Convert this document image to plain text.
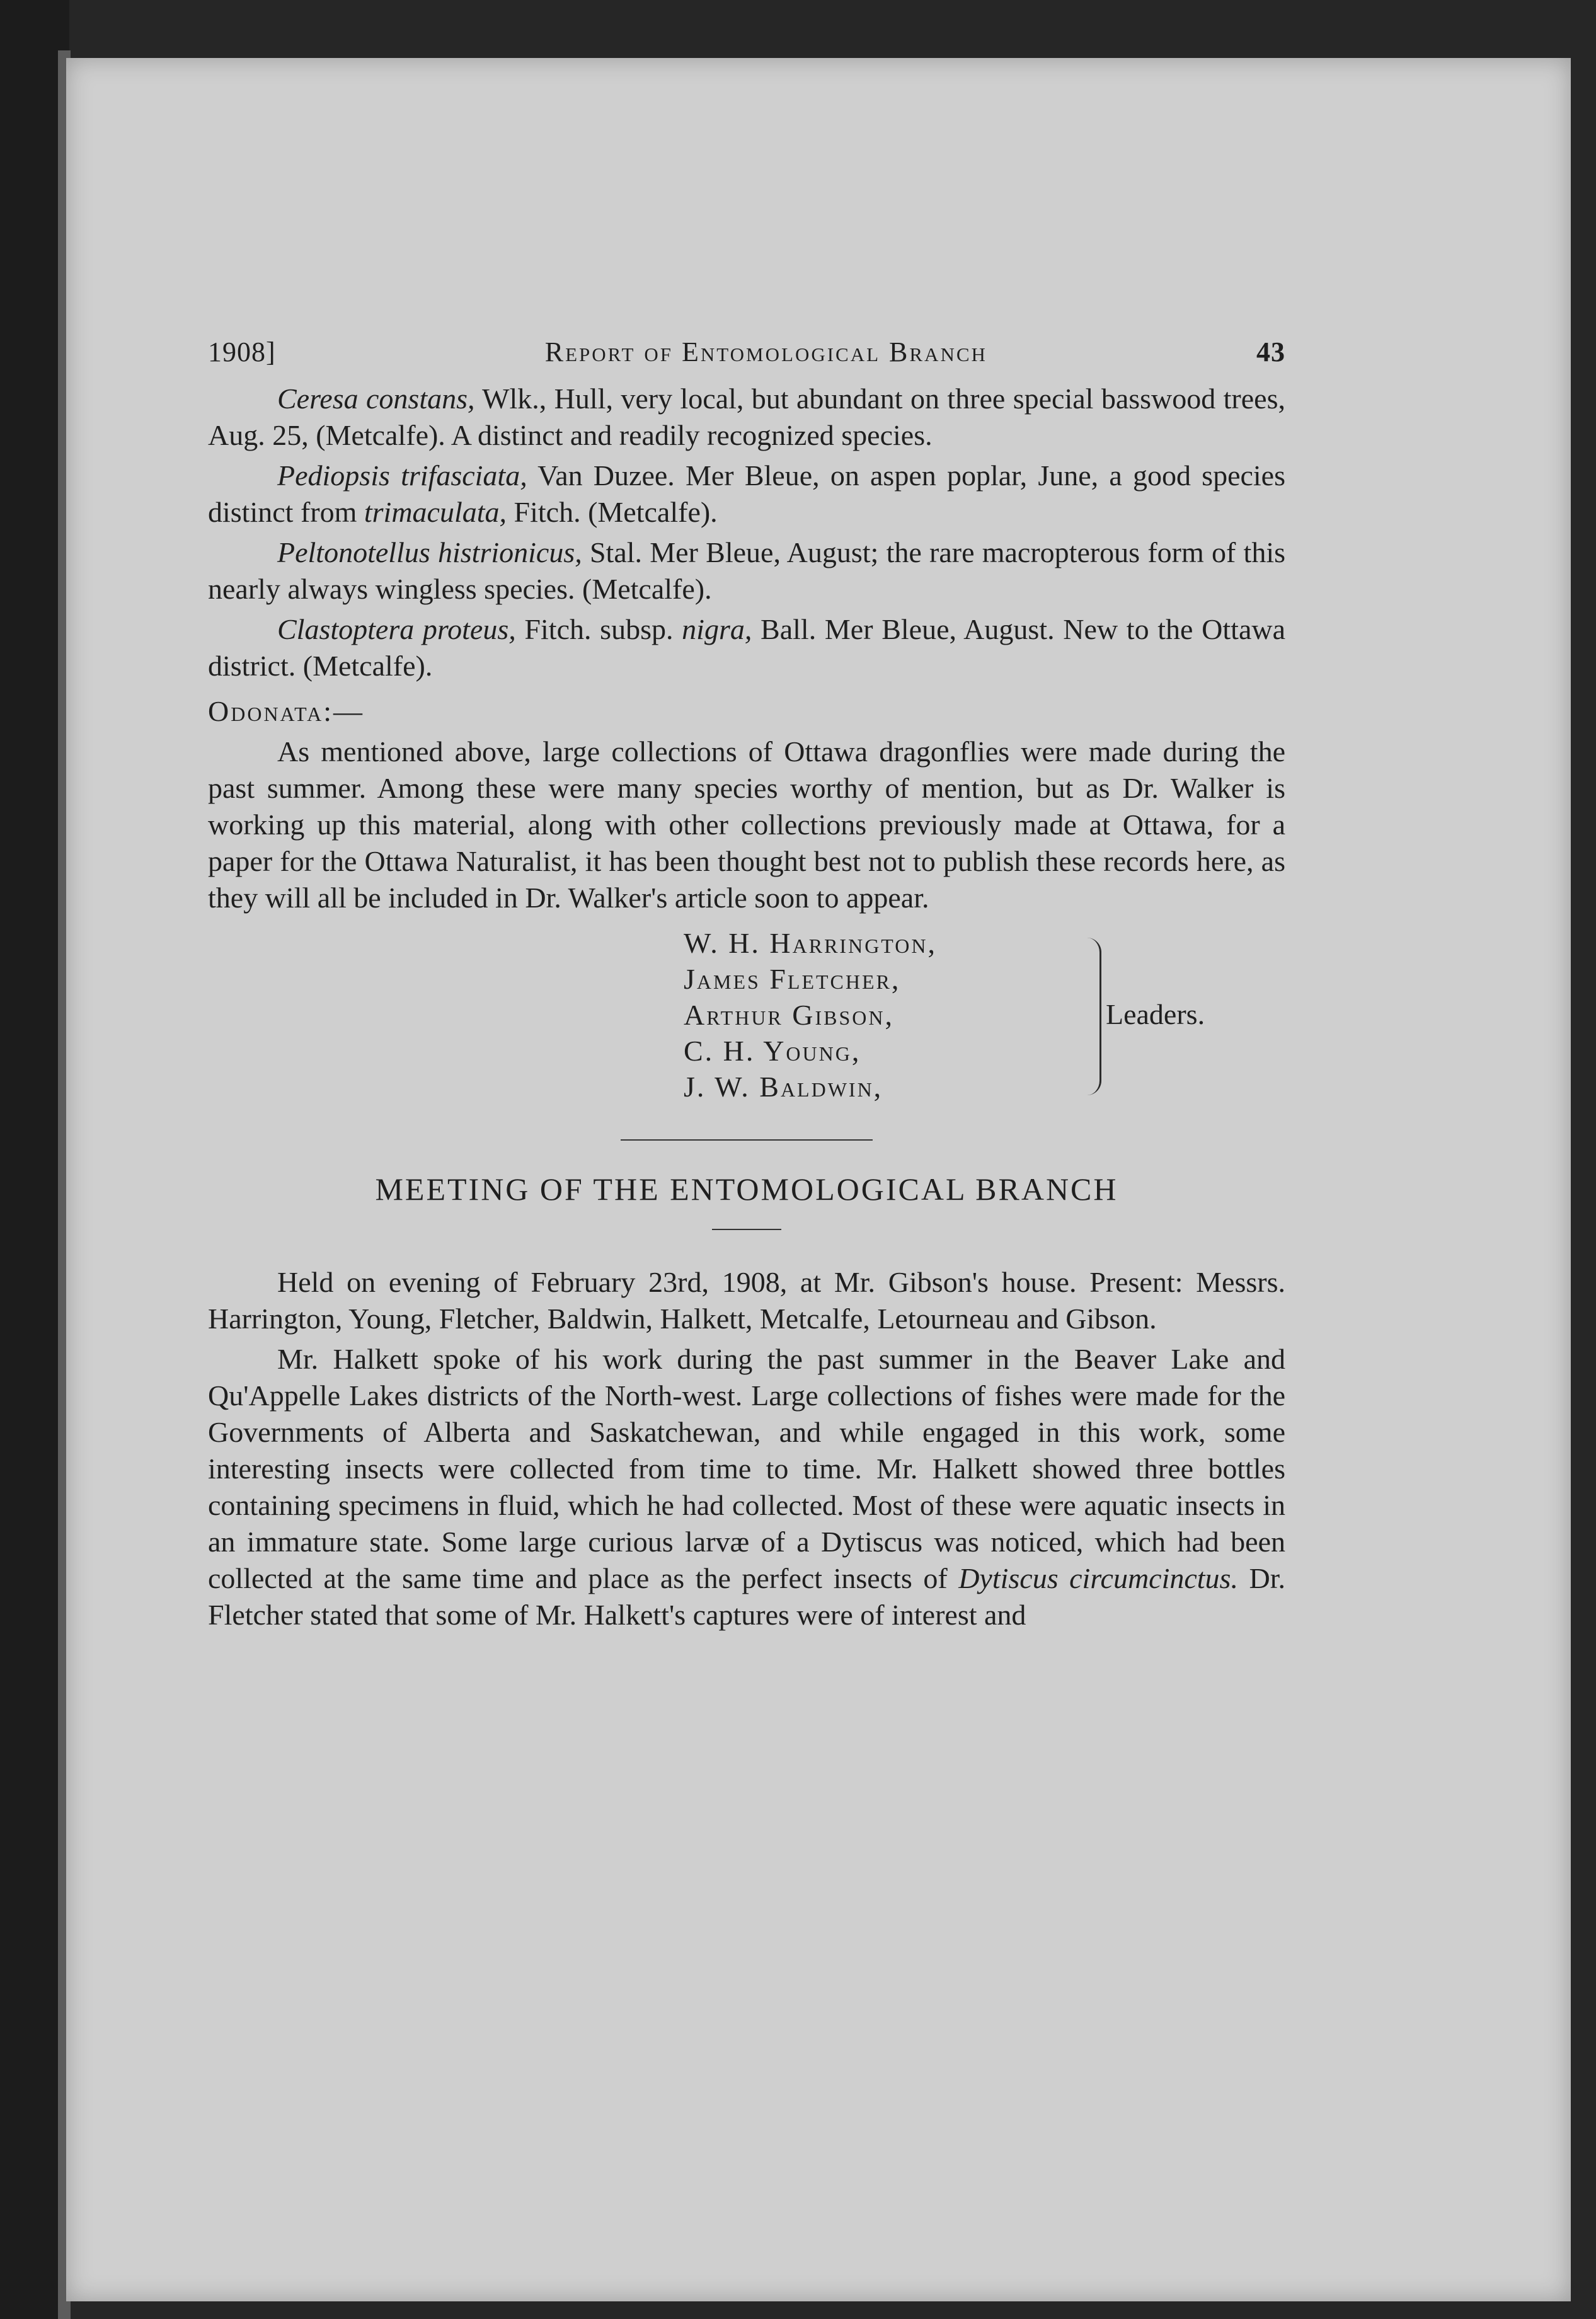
1908]	Report of Entomological Branch	43

Ceresa constans, Wlk., Hull, very local, but abundant on three special basswood trees, Aug. 25, (Metcalfe). A distinct and readily recognized species.

Pediopsis trifasciata, Van Duzee. Mer Bleue, on aspen poplar, June, a good species distinct from trimaculata, Fitch. (Metcalfe).

Peltonotellus histrionicus, Stal. Mer Bleue, August; the rare macropterous form of this nearly always wingless species. (Metcalfe).

Clastoptera proteus, Fitch. subsp. nigra, Ball. Mer Bleue, August. New to the Ottawa district. (Metcalfe).

Odonata:—

As mentioned above, large collections of Ottawa dragonflies were made during the past summer. Among these were many species worthy of mention, but as Dr. Walker is working up this material, along with other collections previously made at Ottawa, for a paper for the Ottawa Naturalist, it has been thought best not to publish these records here, as they will all be included in Dr. Walker's article soon to appear.

W. H. Harrington,
James Fletcher,
Arthur Gibson,
C. H. Young,
J. W. Baldwin,
Leaders.
MEETING OF THE ENTOMOLOGICAL BRANCH

Held on evening of February 23rd, 1908, at Mr. Gibson's house. Present: Messrs. Harrington, Young, Fletcher, Baldwin, Halkett, Metcalfe, Letourneau and Gibson.

Mr. Halkett spoke of his work during the past summer in the Beaver Lake and Qu'Appelle Lakes districts of the North-west. Large collections of fishes were made for the Governments of Alberta and Saskatchewan, and while engaged in this work, some interesting insects were collected from time to time. Mr. Halkett showed three bottles containing specimens in fluid, which he had collected. Most of these were aquatic insects in an immature state. Some large curious larvæ of a Dytiscus was noticed, which had been collected at the same time and place as the perfect insects of Dytiscus circumcinctus. Dr. Fletcher stated that some of Mr. Halkett's captures were of interest and
